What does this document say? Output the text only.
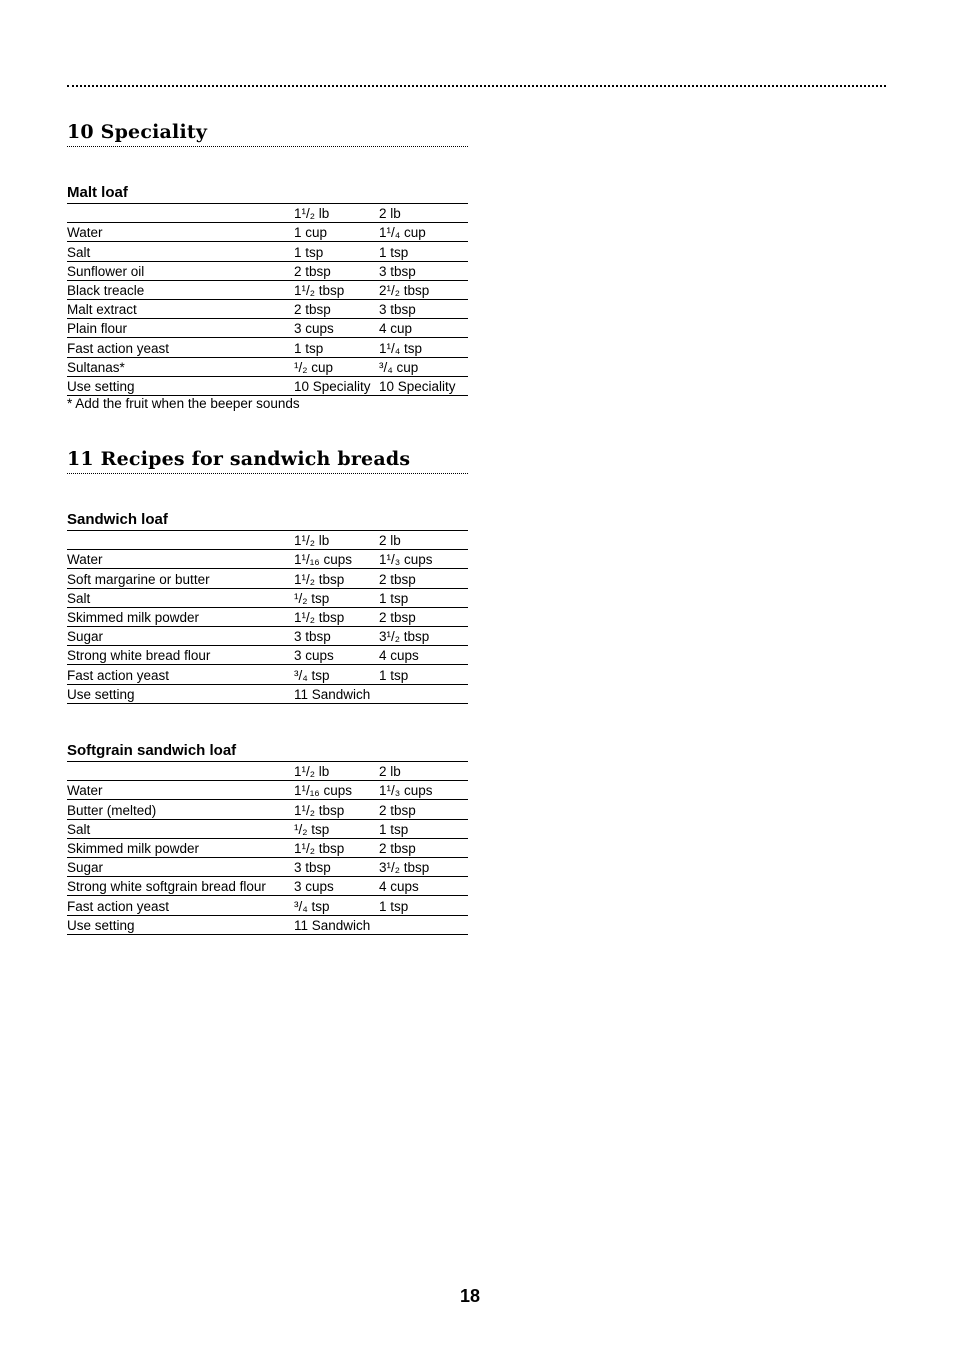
10 Speciality
Malt loaf
	1¹/₂ lb	2 lb
Water	1 cup	1¹/₄ cup
Salt	1 tsp	1 tsp
Sunflower oil	2 tbsp	3 tbsp
Black treacle	1¹/₂ tbsp	2¹/₂ tbsp
Malt extract	2 tbsp	3 tbsp
Plain flour	3 cups	4 cup
Fast action yeast	1 tsp	1¹/₄ tsp
Sultanas*	¹/₂ cup	³/₄ cup
Use setting	10 Speciality	10 Speciality
* Add the fruit when the beeper sounds
11 Recipes for sandwich breads
Sandwich loaf
	1¹/₂ lb	2 lb
Water	1¹/₁₆ cups	1¹/₃ cups
Soft margarine or butter	1¹/₂ tbsp	2 tbsp
Salt	¹/₂ tsp	1 tsp
Skimmed milk powder	1¹/₂ tbsp	2 tbsp
Sugar	3 tbsp	3¹/₂ tbsp
Strong white bread flour	3 cups	4 cups
Fast action yeast	³/₄ tsp	1 tsp
Use setting	11 Sandwich	
Softgrain sandwich loaf
	1¹/₂ lb	2 lb
Water	1¹/₁₆ cups	1¹/₃ cups
Butter (melted)	1¹/₂ tbsp	2 tbsp
Salt	¹/₂ tsp	1 tsp
Skimmed milk powder	1¹/₂ tbsp	2 tbsp
Sugar	3 tbsp	3¹/₂ tbsp
Strong white softgrain bread flour	3 cups	4 cups
Fast action yeast	³/₄ tsp	1 tsp
Use setting	11 Sandwich	
18
